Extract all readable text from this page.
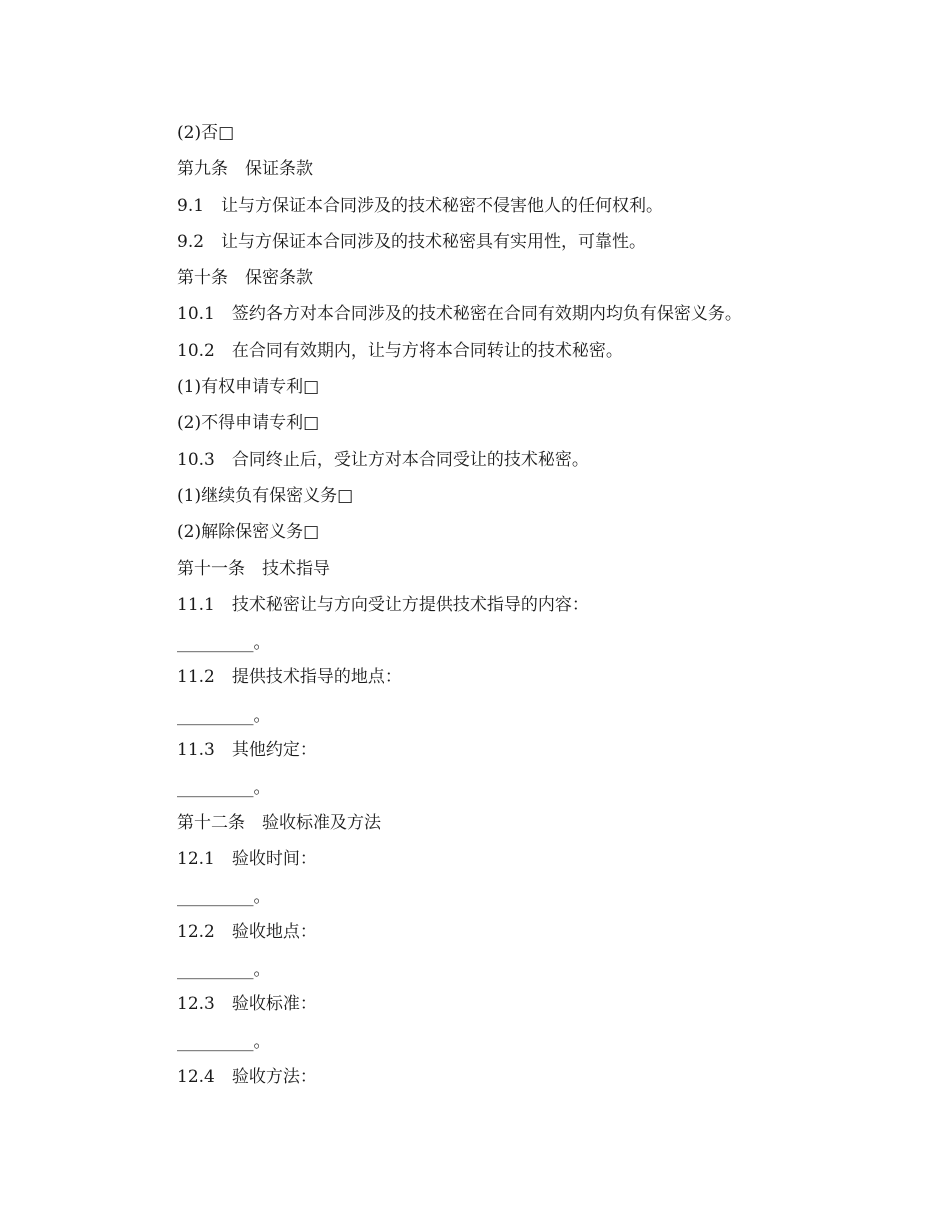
(2)否□

第九条　保证条款

9.1　让与方保证本合同涉及的技术秘密不侵害他人的任何权利。

9.2　让与方保证本合同涉及的技术秘密具有实用性，可靠性。

第十条　保密条款

10.1　签约各方对本合同涉及的技术秘密在合同有效期内均负有保密义务。

10.2　在合同有效期内，让与方将本合同转让的技术秘密。

(1)有权申请专利□

(2)不得申请专利□

10.3　合同终止后，受让方对本合同受让的技术秘密。

(1)继续负有保密义务□

(2)解除保密义务□

第十一条　技术指导

11.1　技术秘密让与方向受让方提供技术指导的内容：

_________。

11.2　提供技术指导的地点：

_________。

11.3　其他约定：

_________。

第十二条　验收标准及方法

12.1　验收时间：

_________。

12.2　验收地点：

_________。

12.3　验收标准：

_________。

12.4　验收方法：
